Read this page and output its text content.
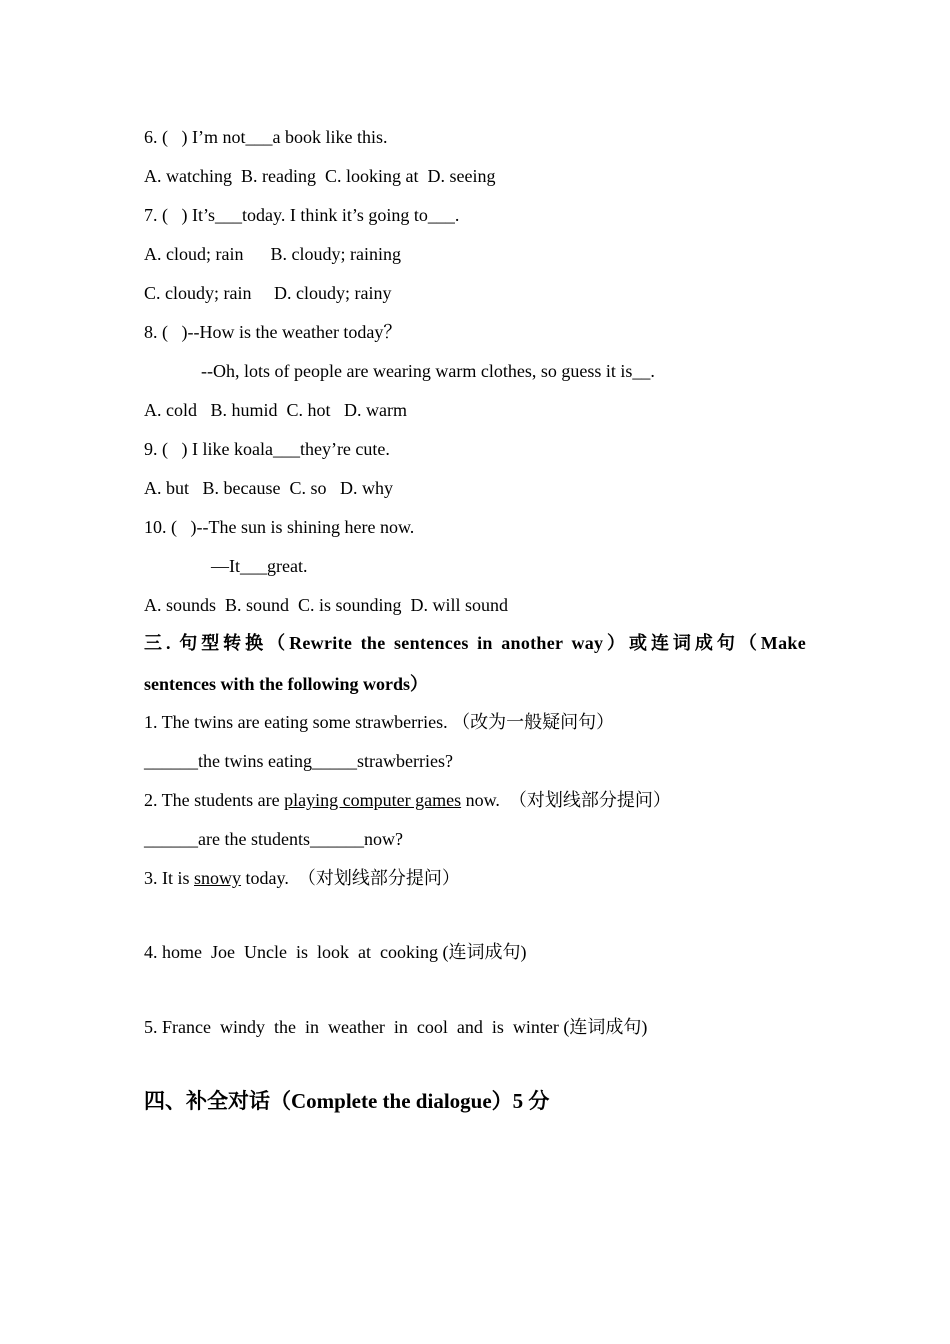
6. (   ) I’m not___a book like this.

A. watching  B. reading  C. looking at  D. seeing

7. (   ) It’s___today. I think it’s going to___.

A. cloud; rain      B. cloudy; raining

C. cloudy; rain     D. cloudy; rainy

8. (   )--How is the weather today？

--Oh, lots of people are wearing warm clothes, so guess it is__.

A. cold   B. humid  C. hot   D. warm

9. (   ) I like koala___they’re cute.

A. but   B. because  C. so   D. why

10. (   )--The sun is shining here now.

—It___great.

A. sounds  B. sound  C. is sounding  D. will sound

三. 句型转换（Rewrite the sentences in another way）或连词成句（Make

sentences with the following words）

1. The twins are eating some strawberries. （改为一般疑问句）

______the twins eating_____strawberries?

2. The students are playing computer games now.  （对划线部分提问）

______are the students______now?

3. It is snowy today.  （对划线部分提问）

4. home  Joe  Uncle  is  look  at  cooking (连词成句)

5. France  windy  the  in  weather  in  cool  and  is  winter (连词成句)

四、补全对话（Complete the dialogue）5 分
